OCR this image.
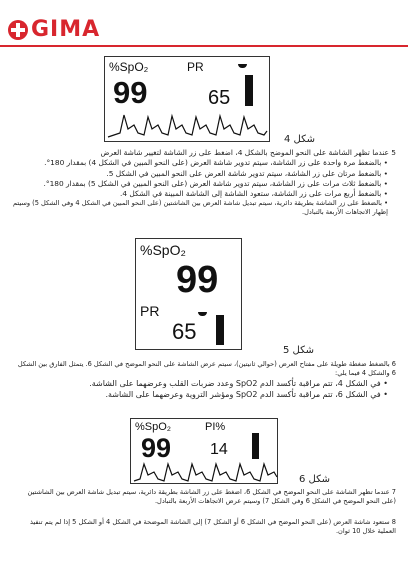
GIMA
%SpO₂	PR
99	65
شكل 4
5 عندما تظهر الشاشة على النحو الموضح بالشكل 4، اضغط على زر الشاشة لتغيير شاشة العرض
• بالضغط مرة واحدة على زر الشاشة، سيتم تدوير شاشة العرض (على النحو المبين في الشكل 4) بمقدار 180°.
• بالضغط مرتان على زر الشاشة، سيتم تدوير شاشة العرض على النحو المبين في الشكل 5.
• بالضغط ثلاث مرات على زر الشاشة، سيتم تدوير شاشة العرض (على النحو المبين في الشكل 5) بمقدار 180°.
• بالضغط أربع مرات على زر الشاشة، ستعود الشاشة إلى الشاشة المبينة في الشكل 4.
• بالضغط على زر الشاشة بطريقة دائرية، سيتم تبديل شاشة العرض بين الشاشتين (على النحو المبين في الشكل 4 وفي الشكل 5) وسيتم إظهار الاتجاهات الأربعة بالتبادل.
%SpO₂
99
PR
65
شكل 5
6 بالضغط ضغطة طويلة على مفتاح العرض (حوالي ثانيتين)، سيتم عرض الشاشة على النحو الموضح في الشكل 6. يتمثل الفارق بين الشكل 6 والشكل 4 فيما يلي:
• في الشكل 4، تتم مراقبة تأكسد الدم SpO2 وعدد ضربات القلب وعرضهما على الشاشة.
• في الشكل 6، تتم مراقبة تأكسد الدم SpO2 ومؤشر التروية وعرضهما على الشاشة.
%SpO₂	PI%
99 14
شكل 6
7 عندما تظهر الشاشة على النحو الموضح في الشكل 6، اضغط على زر الشاشة بطريقة دائرية، سيتم تبديل شاشة العرض بين الشاشتين (على النحو الموضح في الشكل 6 وفي الشكل 7) وسيتم عرض الاتجاهات الأربعة بالتبادل.
8 ستعود شاشة العرض (على النحو الموضح في الشكل 6 أو الشكل 7) إلى الشاشة الموضحة في الشكل 4 أو الشكل 5 إذا لم يتم تنفيذ العملية خلال 10 ثوان.
